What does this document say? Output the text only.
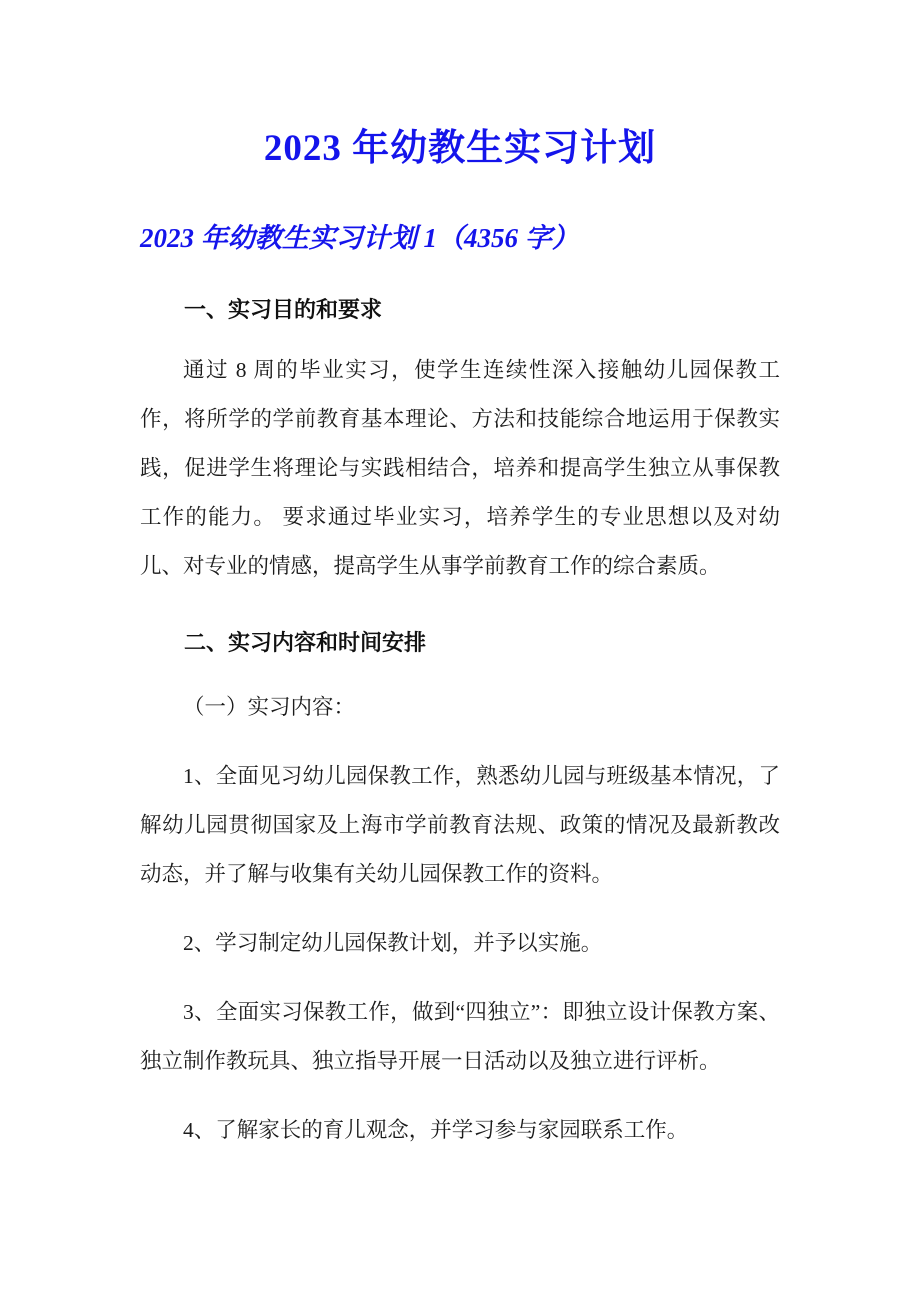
2023 年幼教生实习计划
2023 年幼教生实习计划 1（4356 字）
一、实习目的和要求

通过 8 周的毕业实习，使学生连续性深入接触幼儿园保教工作，将所学的学前教育基本理论、方法和技能综合地运用于保教实践，促进学生将理论与实践相结合，培养和提高学生独立从事保教工作的能力。 要求通过毕业实习，培养学生的专业思想以及对幼儿、对专业的情感，提高学生从事学前教育工作的综合素质。

二、实习内容和时间安排

（一）实习内容：

1、全面见习幼儿园保教工作，熟悉幼儿园与班级基本情况，了解幼儿园贯彻国家及上海市学前教育法规、政策的情况及最新教改动态，并了解与收集有关幼儿园保教工作的资料。

2、学习制定幼儿园保教计划，并予以实施。

3、全面实习保教工作，做到“四独立”：即独立设计保教方案、独立制作教玩具、独立指导开展一日活动以及独立进行评析。

4、了解家长的育儿观念，并学习参与家园联系工作。
